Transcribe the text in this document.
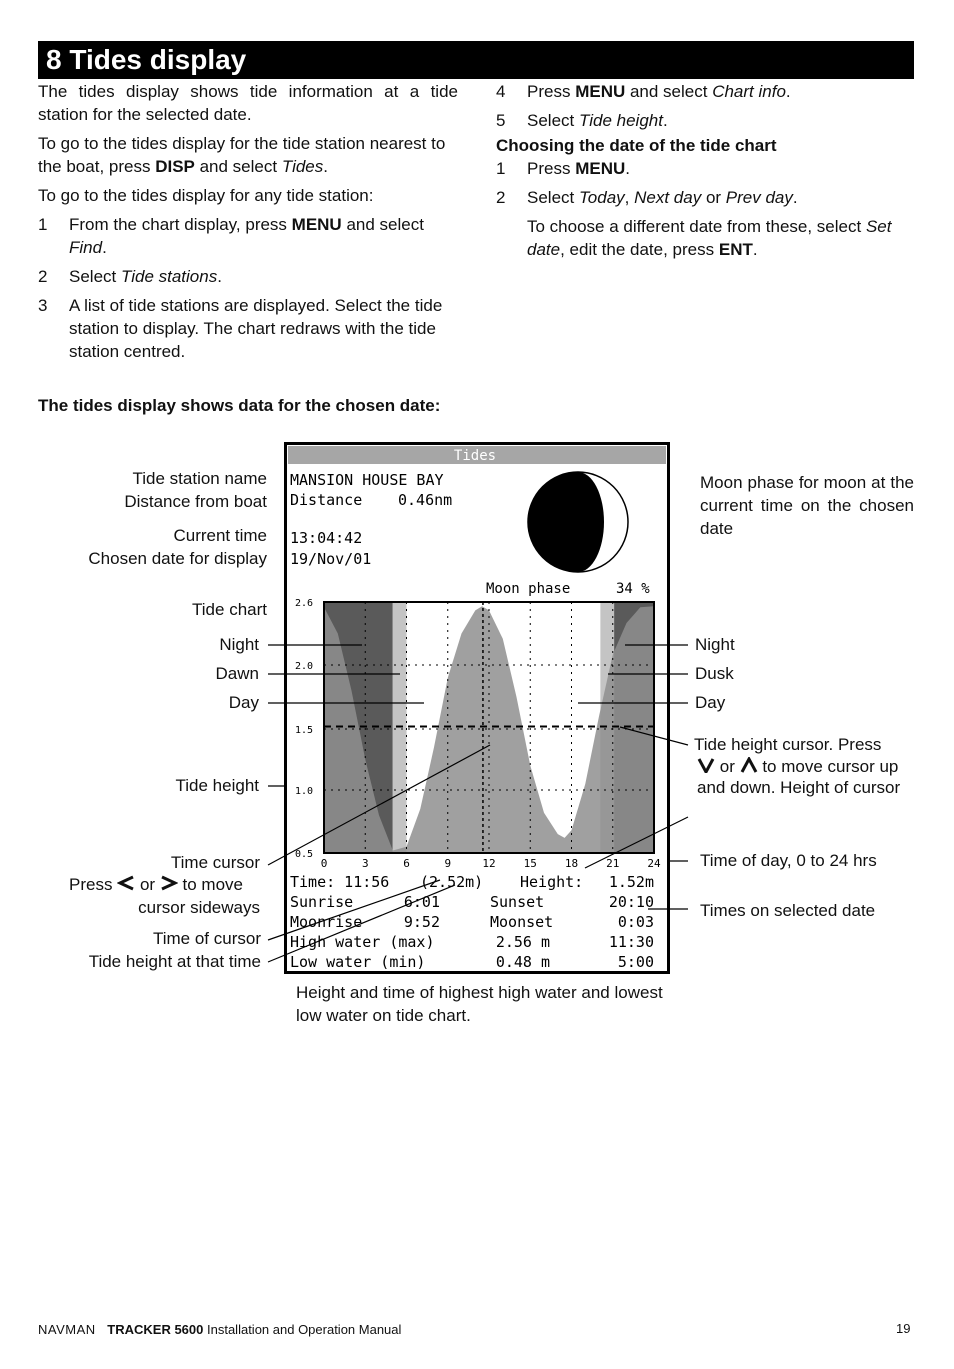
8 Tides display

The tides display shows tide information at a tide station for the selected date.

To go to the tides display for the tide station nearest to the boat, press DISP and select Tides.

To go to the tides display for any tide station:

1	From the chart display, press MENU and select Find.
2	Select Tide stations.
3	A list of tide stations are displayed. Select the tide station to display. The chart redraws with the tide station centred.
4	Press MENU and select Chart info.
5	Select Tide height.
Choosing the date of the tide chart
1	Press MENU.
2	Select Today, Next day or Prev day.

To choose a different date from these, select Set date, edit the date, press ENT.

The tides display shows data for the chosen date:
Tides
MANSION HOUSE BAY
Distance 0.46nm
13:04:42
19/Nov/01
Moon phase	34 %
0	3	6	9	12	15	18	21	24
2.6
2.0
1.5
1.0
0.5
Time: 11:56 (2.52m) Height: 1.52m
Sunrise	6:01	Sunset	20:10
Moonrise	9:52	Moonset	0:03
High water (max)	2.56 m	11:30
Low water (min)	0.48 m	5:00
Tide station name
Distance from boat
Current time
Chosen date for display
Tide chart
Night
Dawn
Day
Tide height
Time cursor
Press or to move
cursor sideways
Time of cursor
Tide height at that time
Moon phase for moon at the current time on the chosen date
Night
Dusk
Day
Tide height cursor. Press
or to move cursor up
and down. Height of cursor
Time of day, 0 to 24 hrs
Times on selected date
Height and time of highest high water and lowest
low water on tide chart.
NAVMAN TRACKER 5600 Installation and Operation Manual	19
